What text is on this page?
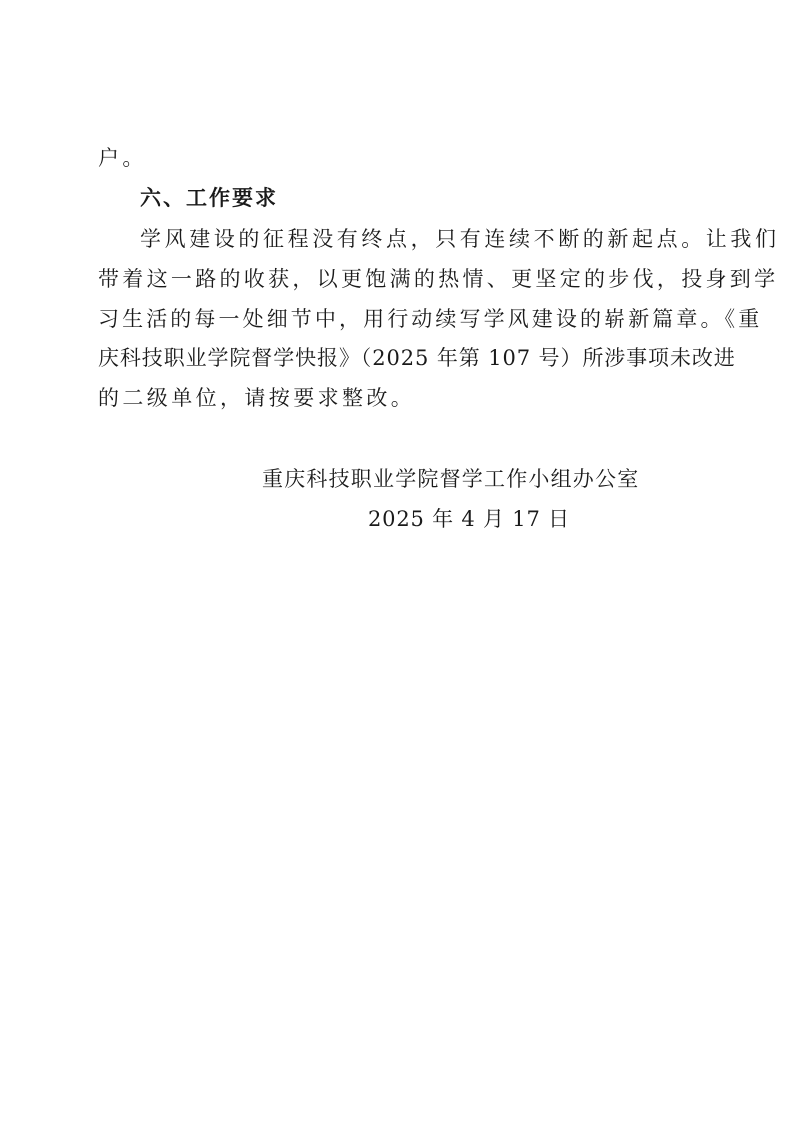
户。
六、工作要求
学风建设的征程没有终点，只有连续不断的新起点。让我们
带着这一路的收获，以更饱满的热情、更坚定的步伐，投身到学
习生活的每一处细节中，用行动续写学风建设的崭新篇章。《重
庆科技职业学院督学快报》（2025 年第 107 号）所涉事项未改进
的二级单位，请按要求整改。
重庆科技职业学院督学工作小组办公室
2025 年 4 月 17 日
